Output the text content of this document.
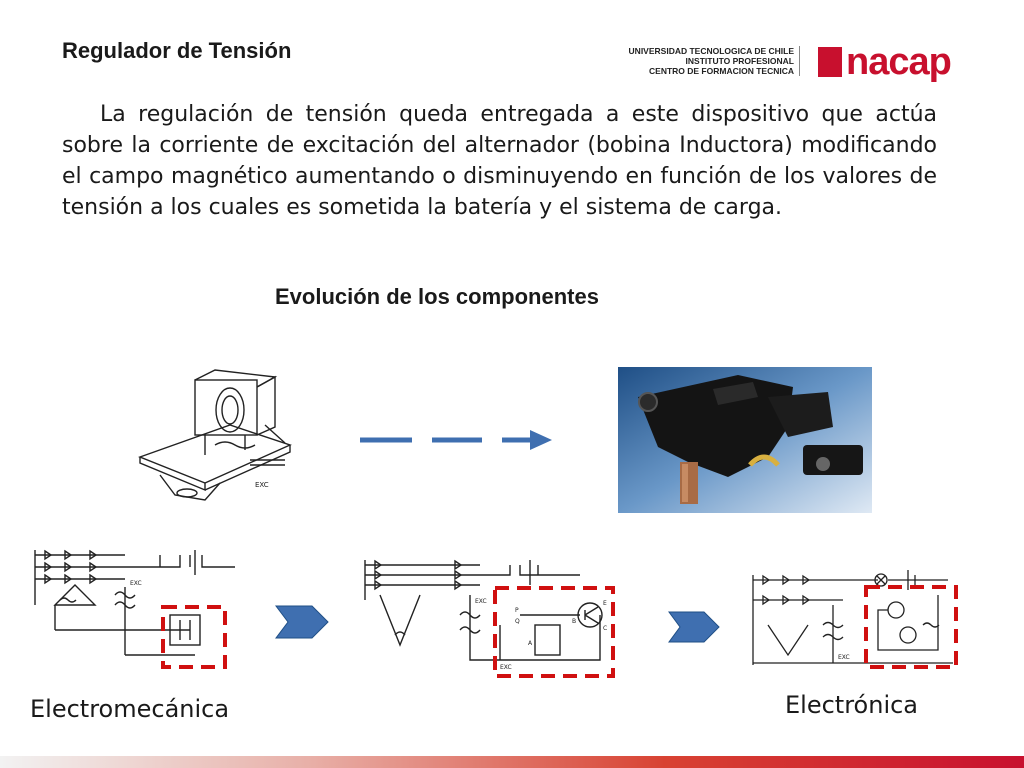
Regulador de Tensión	UNIVERSIDAD TECNOLOGICA DE CHILE
INSTITUTO PROFESIONAL
CENTRO DE FORMACION TECNICA nacap
La regulación de tensión queda entregada a este dispositivo que actúa sobre la corriente de excitación del alternador (bobina Inductora) modificando el campo magnético aumentando o disminuyendo en función de los valores de tensión a los cuales es sometida la batería y el sistema de carga.
Evolución de los componentes
EXC
EXC
EXC
EXC
P
Q
A
B
C
E
EXC
Electromecánica	Electrónica
